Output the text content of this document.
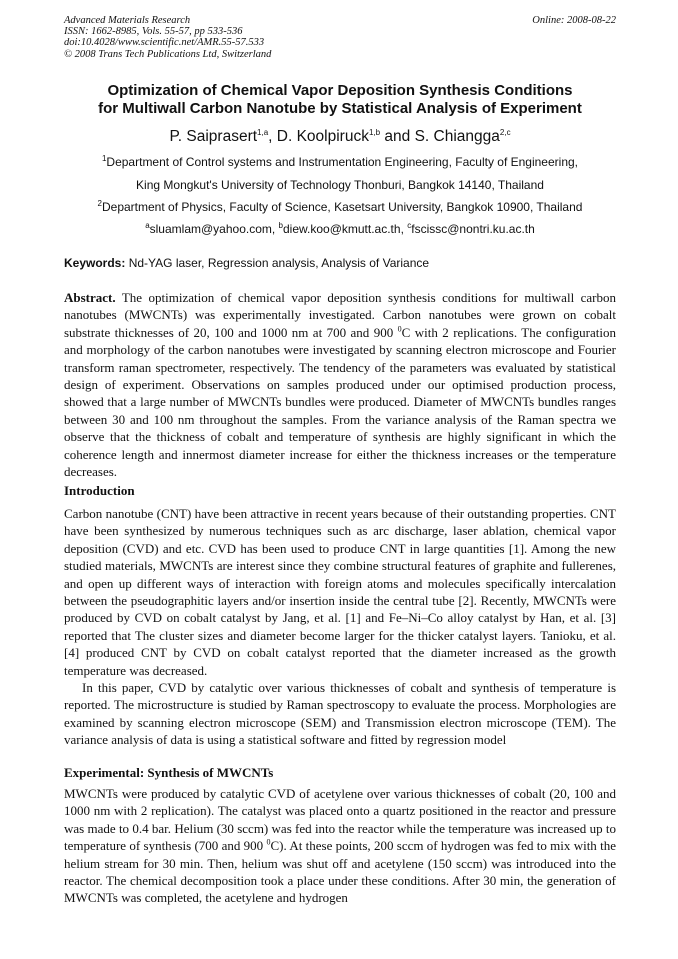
Advanced Materials Research
ISSN: 1662-8985, Vols. 55-57, pp 533-536
doi:10.4028/www.scientific.net/AMR.55-57.533
© 2008 Trans Tech Publications Ltd, Switzerland
Online: 2008-08-22
Optimization of Chemical Vapor Deposition Synthesis Conditions
for Multiwall Carbon Nanotube by Statistical Analysis of Experiment
P. Saiprasert$^{1,a}$, D. Koolpiruck$^{1,b}$ and S. Chiangga$^{2,c}$
$^1$Department of Control systems and Instrumentation Engineering, Faculty of Engineering,
King Mongkut's University of Technology Thonburi, Bangkok 14140, Thailand
$^2$Department of Physics, Faculty of Science, Kasetsart University, Bangkok 10900, Thailand
$^a$sluamlam@yahoo.com, $^b$diew.koo@kmutt.ac.th, $^c$fscissc@nontri.ku.ac.th
Keywords: Nd-YAG laser, Regression analysis, Analysis of Variance

Abstract. The optimization of chemical vapor deposition synthesis conditions for multiwall carbon nanotubes (MWCNTs) was experimentally investigated. Carbon nanotubes were grown on cobalt substrate thicknesses of 20, 100 and 1000 nm at 700 and 900 $^0$C with 2 replications. The configuration and morphology of the carbon nanotubes were investigated by scanning electron microscope and Fourier transform raman spectrometer, respectively. The tendency of the parameters was evaluated by statistical design of experiment. Observations on samples produced under our optimised production process, showed that a large number of MWCNTs bundles were produced. Diameter of MWCNTs bundles ranges between 30 and 100 nm throughout the samples. From the variance analysis of the Raman spectra we observe that the thickness of cobalt and temperature of synthesis are highly significant in which the coherence length and innermost diameter increase for either the thickness increases or the temperature decreases.

Introduction

Carbon nanotube (CNT) have been attractive in recent years because of their outstanding properties. CNT have been synthesized by numerous techniques such as arc discharge, laser ablation, chemical vapor deposition (CVD) and etc. CVD has been used to produce CNT in large quantities [1]. Among the new studied materials, MWCNTs are interest since they combine structural features of graphite and fullerenes, and open up different ways of interaction with foreign atoms and molecules specifically intercalation between the pseudographitic layers and/or insertion inside the central tube [2]. Recently, MWCNTs were produced by CVD on cobalt catalyst by Jang, et al. [1] and Fe–Ni–Co alloy catalyst by Han, et al. [3] reported that The cluster sizes and diameter become larger for the thicker catalyst layers. Tanioku, et al. [4] produced CNT by CVD on cobalt catalyst reported that the diameter increased as the growth temperature was decreased.

In this paper, CVD by catalytic over various thicknesses of cobalt and synthesis of temperature is reported. The microstructure is studied by Raman spectroscopy to evaluate the process. Morphologies are examined by scanning electron microscope (SEM) and Transmission electron microscope (TEM). The variance analysis of data is using a statistical software and fitted by regression model

Experimental: Synthesis of MWCNTs

MWCNTs were produced by catalytic CVD of acetylene over various thicknesses of cobalt (20, 100 and 1000 nm with 2 replication). The catalyst was placed onto a quartz positioned in the reactor and pressure was made to 0.4 bar. Helium (30 sccm) was fed into the reactor while the temperature was increased up to temperature of synthesis (700 and 900 $^0$C). At these points, 200 sccm of hydrogen was fed to mix with the helium stream for 30 min. Then, helium was shut off and acetylene (150 sccm) was introduced into the reactor. The chemical decomposition took a place under these conditions. After 30 min, the generation of MWCNTs was completed, the acetylene and hydrogen
